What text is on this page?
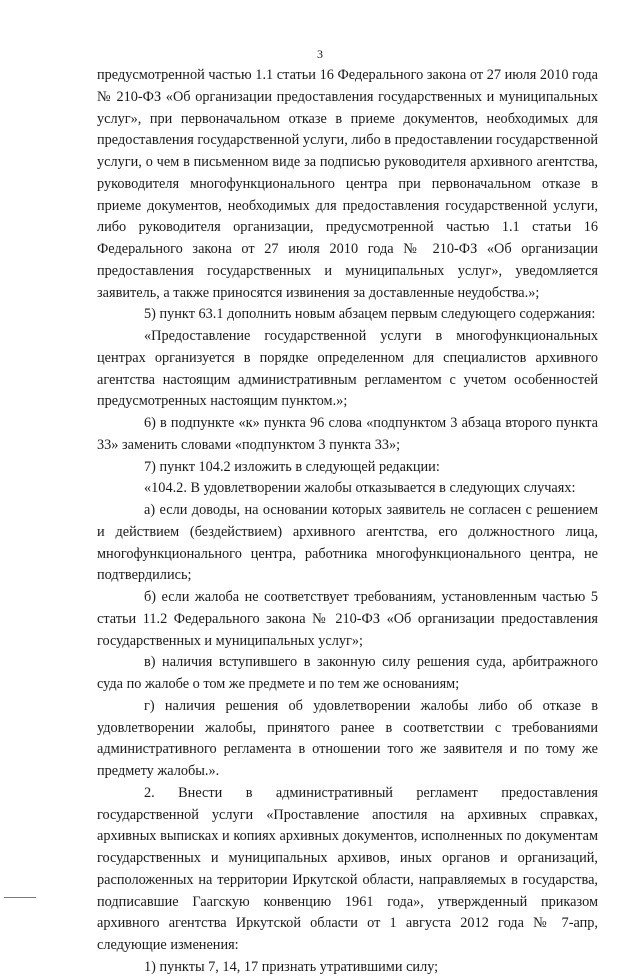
3

предусмотренной частью 1.1 статьи 16 Федерального закона от 27 июля 2010 года № 210-ФЗ «Об организации предоставления государственных и муниципальных услуг», при первоначальном отказе в приеме документов, необходимых для предоставления государственной услуги, либо в предоставлении государственной услуги, о чем в письменном виде за подписью руководителя архивного агентства, руководителя многофункционального центра при первоначальном отказе в приеме документов, необходимых для предоставления государственной услуги, либо руководителя организации, предусмотренной частью 1.1 статьи 16 Федерального закона от 27 июля 2010 года № 210-ФЗ «Об организации предоставления государственных и муниципальных услуг», уведомляется заявитель, а также приносятся извинения за доставленные неудобства.»;

5) пункт 63.1 дополнить новым абзацем первым следующего содержания:

«Предоставление государственной услуги в многофункциональных центрах организуется в порядке определенном для специалистов архивного агентства настоящим административным регламентом с учетом особенностей предусмотренных настоящим пунктом.»;

6) в подпункте «к» пункта 96 слова «подпунктом 3 абзаца второго пункта 33» заменить словами «подпунктом 3 пункта 33»;

7) пункт 104.2 изложить в следующей редакции:

«104.2. В удовлетворении жалобы отказывается в следующих случаях:

а) если доводы, на основании которых заявитель не согласен с решением и действием (бездействием) архивного агентства, его должностного лица, многофункционального центра, работника многофункционального центра, не подтвердились;

б) если жалоба не соответствует требованиям, установленным частью 5 статьи 11.2 Федерального закона № 210-ФЗ «Об организации предоставления государственных и муниципальных услуг»;

в) наличия вступившего в законную силу решения суда, арбитражного суда по жалобе о том же предмете и по тем же основаниям;

г) наличия решения об удовлетворении жалобы либо об отказе в удовлетворении жалобы, принятого ранее в соответствии с требованиями административного регламента в отношении того же заявителя и по тому же предмету жалобы.».

2. Внести в административный регламент предоставления государственной услуги «Проставление апостиля на архивных справках, архивных выписках и копиях архивных документов, исполненных по документам государственных и муниципальных архивов, иных органов и организаций, расположенных на территории Иркутской области, направляемых в государства, подписавшие Гаагскую конвенцию 1961 года», утвержденный приказом архивного агентства Иркутской области от 1 августа 2012 года № 7-апр, следующие изменения:

1) пункты 7, 14, 17 признать утратившими силу;
